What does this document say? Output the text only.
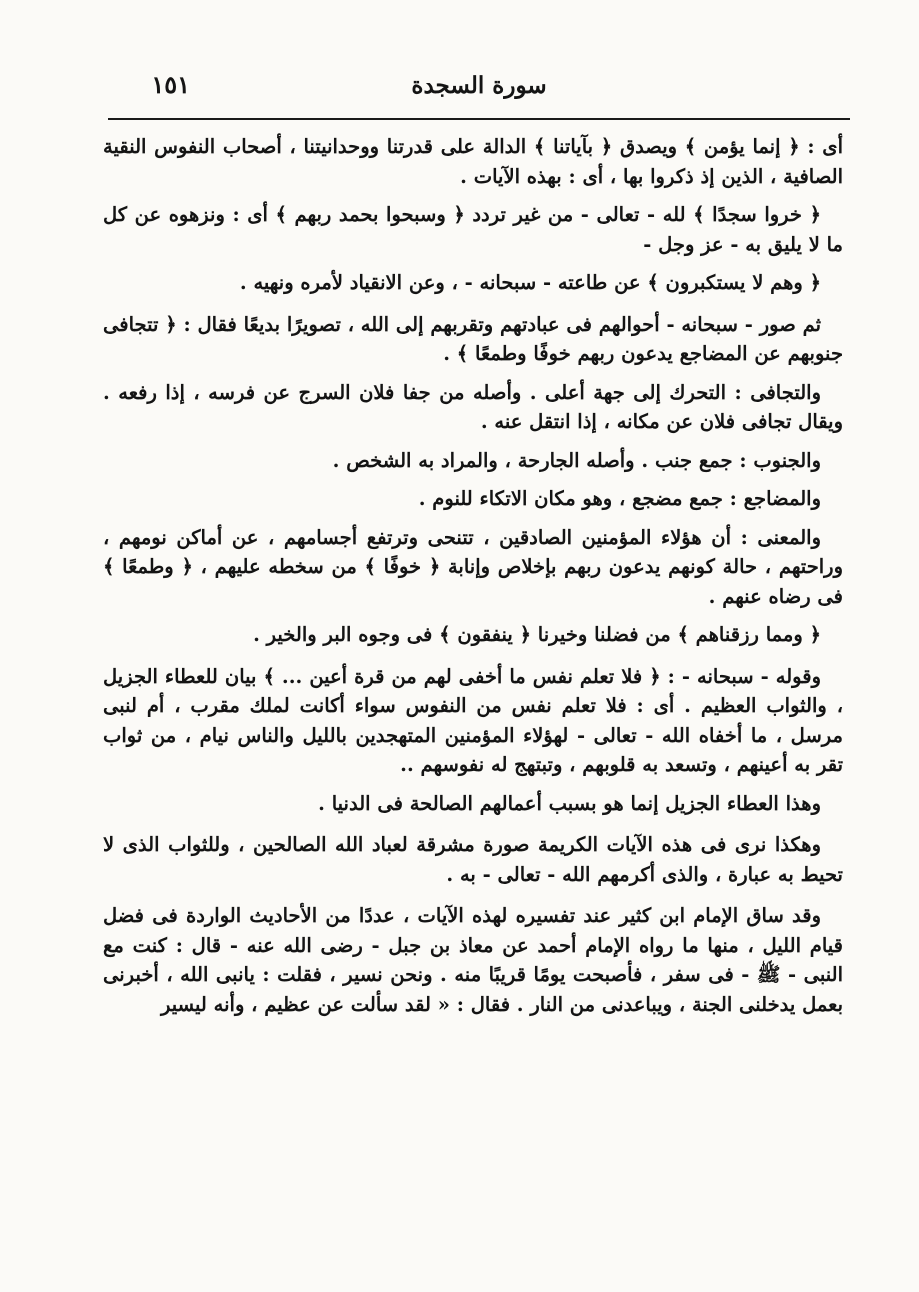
سورة السجدة
١٥١

أى : ﴿ إنما يؤمن ﴾ ويصدق ﴿ بآياتنا ﴾ الدالة على قدرتنا ووحدانيتنا ، أصحاب النفوس النقية الصافية ، الذين إذ ذكروا بها ، أى : بهذه الآيات .

﴿ خروا سجدًا ﴾ لله - تعالى - من غير تردد ﴿ وسبحوا بحمد ربهم ﴾ أى : ونزهوه عن كل ما لا يليق به - عز وجل -

﴿ وهم لا يستكبرون ﴾ عن طاعته - سبحانه - ، وعن الانقياد لأمره ونهيه .

ثم صور - سبحانه - أحوالهم فى عبادتهم وتقربهم إلى الله ، تصويرًا بديعًا فقال : ﴿ تتجافى جنوبهم عن المضاجع يدعون ربهم خوفًا وطمعًا ﴾ .

والتجافى : التحرك إلى جهة أعلى . وأصله من جفا فلان السرج عن فرسه ، إذا رفعه . ويقال تجافى فلان عن مكانه ، إذا انتقل عنه .

والجنوب : جمع جنب . وأصله الجارحة ، والمراد به الشخص .

والمضاجع : جمع مضجع ، وهو مكان الاتكاء للنوم .

والمعنى : أن هؤلاء المؤمنين الصادقين ، تتنحى وترتفع أجسامهم ، عن أماكن نومهم ، وراحتهم ، حالة كونهم يدعون ربهم بإخلاص وإنابة ﴿ خوفًا ﴾ من سخطه عليهم ، ﴿ وطمعًا ﴾ فى رضاه عنهم .

﴿ ومما رزقناهم ﴾ من فضلنا وخيرنا ﴿ ينفقون ﴾ فى وجوه البر والخير .

وقوله - سبحانه - : ﴿ فلا تعلم نفس ما أخفى لهم من قرة أعين ... ﴾ بيان للعطاء الجزيل ، والثواب العظيم . أى : فلا تعلم نفس من النفوس سواء أكانت لملك مقرب ، أم لنبى مرسل ، ما أخفاه الله - تعالى - لهؤلاء المؤمنين المتهجدين بالليل والناس نيام ، من ثواب تقر به أعينهم ، وتسعد به قلوبهم ، وتبتهج له نفوسهم ..

وهذا العطاء الجزيل إنما هو بسبب أعمالهم الصالحة فى الدنيا .

وهكذا نرى فى هذه الآيات الكريمة صورة مشرقة لعباد الله الصالحين ، وللثواب الذى لا تحيط به عبارة ، والذى أكرمهم الله - تعالى - به .

وقد ساق الإمام ابن كثير عند تفسيره لهذه الآيات ، عددًا من الأحاديث الواردة فى فضل قيام الليل ، منها ما رواه الإمام أحمد عن معاذ بن جبل - رضى الله عنه - قال : كنت مع النبى - ﷺ - فى سفر ، فأصبحت يومًا قريبًا منه . ونحن نسير ، فقلت : يانبى الله ، أخبرنى بعمل يدخلنى الجنة ، ويباعدنى من النار . فقال : « لقد سألت عن عظيم ، وأنه ليسير
